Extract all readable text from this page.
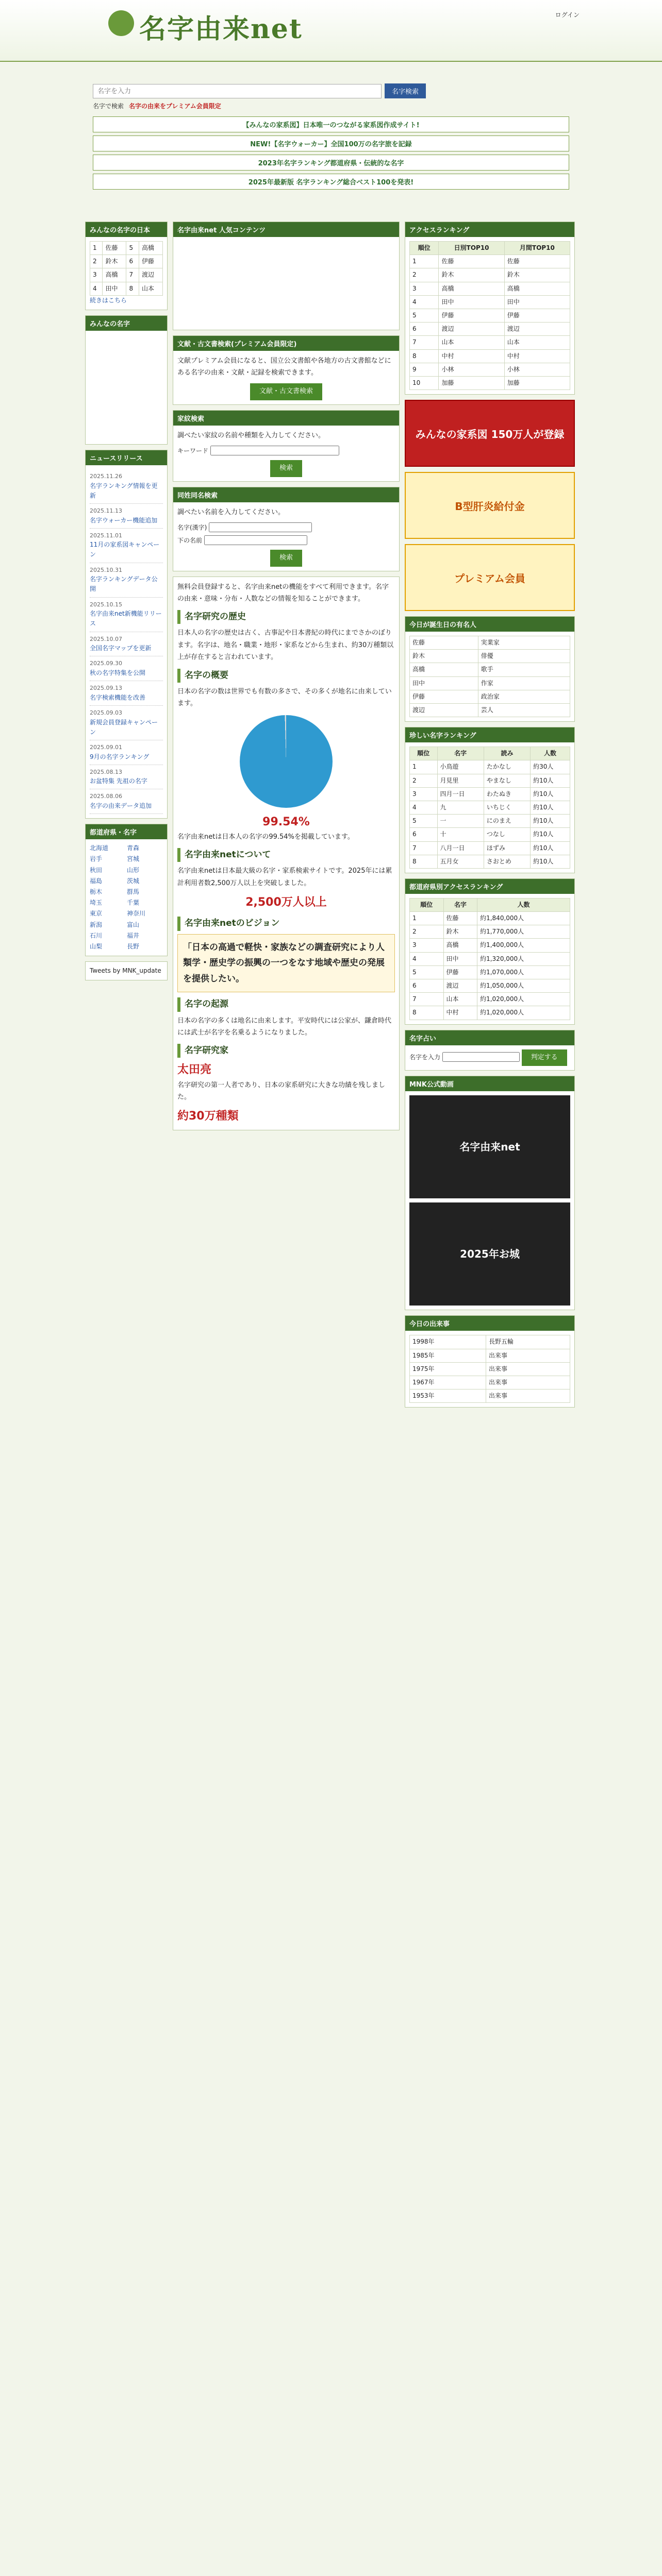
名字由来net	ログイン
名字を入力
名字検索
名字で検索 名字の由来をプレミアム会員限定
【みんなの家系図】日本唯一のつながる家系図作成サイト!
NEW!【名字ウォーカー】全国100万の名字旅を記録
2023年名字ランキング都道府県・伝統的な名字
2025年最新版 名字ランキング総合ベスト100を発表!
みんなの名字の日本
1	佐藤	5	高橋
2	鈴木	6	伊藤
3	高橋	7	渡辺
4	田中	8	山本
続きはこちら
みんなの名字
ニュースリリース
2025.11.26
名字ランキング情報を更新
2025.11.13
名字ウォーカー機能追加
2025.11.01
11月の家系図キャンペーン
2025.10.31
名字ランキングデータ公開
2025.10.15
名字由来net新機能リリース
2025.10.07
全国名字マップを更新
2025.09.30
秋の名字特集を公開
2025.09.13
名字検索機能を改善
2025.09.03
新規会員登録キャンペーン
2025.09.01
9月の名字ランキング
2025.08.13
お盆特集 先祖の名字
2025.08.06
名字の由来データ追加
都道府県・名字
北海道	青森
岩手	宮城
秋田	山形
福島	茨城
栃木	群馬
埼玉	千葉
東京	神奈川
新潟	富山
石川	福井
山梨	長野
Tweets by MNK_update
名字由来net 人気コンテンツ
文献・古文書検索(プレミアム会員限定)

文献プレミアム会員になると、国立公文書館や各地方の古文書館などにある名字の由来・文献・記録を検索できます。

文献・古文書検索
家紋検索

調べたい家紋の名前や種類を入力してください。

キーワード
検索
同姓同名検索

調べたい名前を入力してください。

名字(漢字)
下の名前
検索

無料会員登録すると、名字由来netの機能をすべて利用できます。名字の由来・意味・分布・人数などの情報を知ることができます。

名字研究の歴史

日本人の名字の歴史は古く、古事記や日本書紀の時代にまでさかのぼります。名字は、地名・職業・地形・家系などから生まれ、約30万種類以上が存在すると言われています。

名字の概要

日本の名字の数は世界でも有数の多さで、その多くが地名に由来しています。

99.54%

名字由来netは日本人の名字の99.54%を掲載しています。

名字由来netについて

名字由来netは日本最大級の名字・家系検索サイトです。2025年には累計利用者数2,500万人以上を突破しました。

2,500万人以上
名字由来netのビジョン
「日本の高過で軽快・家族などの調査研究により人類学・歴史学の振興の一つをなす地域や歴史の発展を提供したい。
名字の起源

日本の名字の多くは地名に由来します。平安時代には公家が、鎌倉時代には武士が名字を名乗るようになりました。

名字研究家
太田亮

名字研究の第一人者であり、日本の家系研究に大きな功績を残しました。

約30万種類
アクセスランキング
順位	日別TOP10	月間TOP10
1	佐藤	佐藤
2	鈴木	鈴木
3	高橋	高橋
4	田中	田中
5	伊藤	伊藤
6	渡辺	渡辺
7	山本	山本
8	中村	中村
9	小林	小林
10	加藤	加藤
みんなの家系図 150万人が登録
B型肝炎給付金
プレミアム会員
今日が誕生日の有名人
佐藤	実業家
鈴木	俳優
高橋	歌手
田中	作家
伊藤	政治家
渡辺	芸人
珍しい名字ランキング
順位	名字	読み	人数
1	小鳥遊	たかなし	約30人
2	月見里	やまなし	約10人
3	四月一日	わたぬき	約10人
4	九	いちじく	約10人
5	一	にのまえ	約10人
6	十	つなし	約10人
7	八月一日	ほずみ	約10人
8	五月女	さおとめ	約10人
都道府県別アクセスランキング
順位	名字	人数
1	佐藤	約1,840,000人
2	鈴木	約1,770,000人
3	高橋	約1,400,000人
4	田中	約1,320,000人
5	伊藤	約1,070,000人
6	渡辺	約1,050,000人
7	山本	約1,020,000人
8	中村	約1,020,000人
名字占い
名字を入力	判定する
MNK公式動画
名字由来net
2025年お城
今日の出来事
1998年	長野五輪
1985年	出来事
1975年	出来事
1967年	出来事
1953年	出来事
